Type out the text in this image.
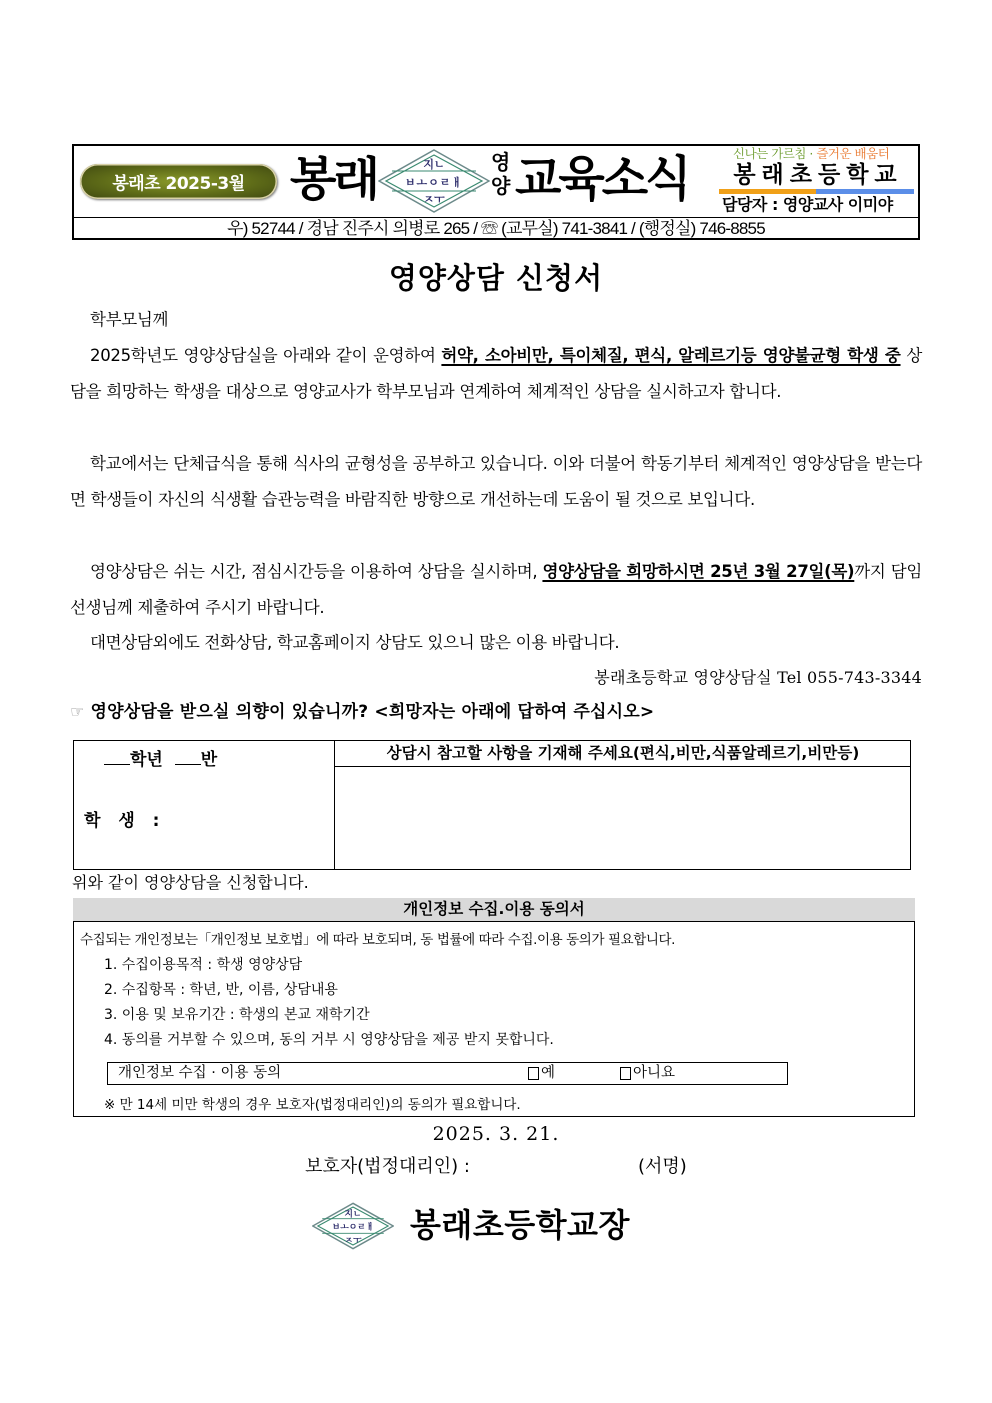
봉래초 2025-3월 봉래	지ㄴ
ㅂㅗㅇㄹㅐ
ㅈㅜ
영양 교육소식	신나는 가르침 · 즐거운 배움터
봉래초등학교
담당자 : 영양교사 이미야
우) 52744 / 경남 진주시 의병로 265 / ☏ (교무실) 741-3841 / (행정실) 746-8855
영양상담 신청서
학부모님께
2025학년도 영양상담실을 아래와 같이 운영하여 허약, 소아비만, 특이체질, 편식, 알레르기등 영양불균형 학생 중 상담을 희망하는 학생을 대상으로 영양교사가 학부모님과 연계하여 체계적인 상담을 실시하고자 합니다.
학교에서는 단체급식을 통해 식사의 균형성을 공부하고 있습니다. 이와 더불어 학동기부터 체계적인 영양상담을 받는다면 학생들이 자신의 식생활 습관능력을 바람직한 방향으로 개선하는데 도움이 될 것으로 보입니다.
영양상담은 쉬는 시간, 점심시간등을 이용하여 상담을 실시하며, 영양상담을 희망하시면 25년 3월 27일(목)까지 담임선생님께 제출하여 주시기 바랍니다.
대면상담외에도 전화상담, 학교홈페이지 상담도 있으니 많은 이용 바랍니다.
봉래초등학교 영양상담실 Tel 055-743-3344
☞ 영양상담을 받으실 의향이 있습니까? <희망자는 아래에 답하여 주십시오>
학년 반
학 생 :
상담시 참고할 사항을 기재해 주세요(편식,비만,식품알레르기,비만등)
위와 같이 영양상담을 신청합니다.
개인정보 수집.이용 동의서
수집되는 개인정보는「개인정보 보호법」에 따라 보호되며, 동 법률에 따라 수집.이용 동의가 필요합니다.
1. 수집이용목적 : 학생 영양상담
2. 수집항목 : 학년, 반, 이름, 상담내용
3. 이용 및 보유기간 : 학생의 본교 재학기간
4. 동의를 거부할 수 있으며, 동의 거부 시 영양상담을 제공 받지 못합니다.
개인정보 수집 · 이용 동의	예	아니요
※ 만 14세 미만 학생의 경우 보호자(법정대리인)의 동의가 필요합니다.
2025. 3. 21.
보호자(법정대리인) :	(서명)
지ㄴ
ㅂㅗㅇㄹㅐ
ㅈㅜ 봉래초등학교장
